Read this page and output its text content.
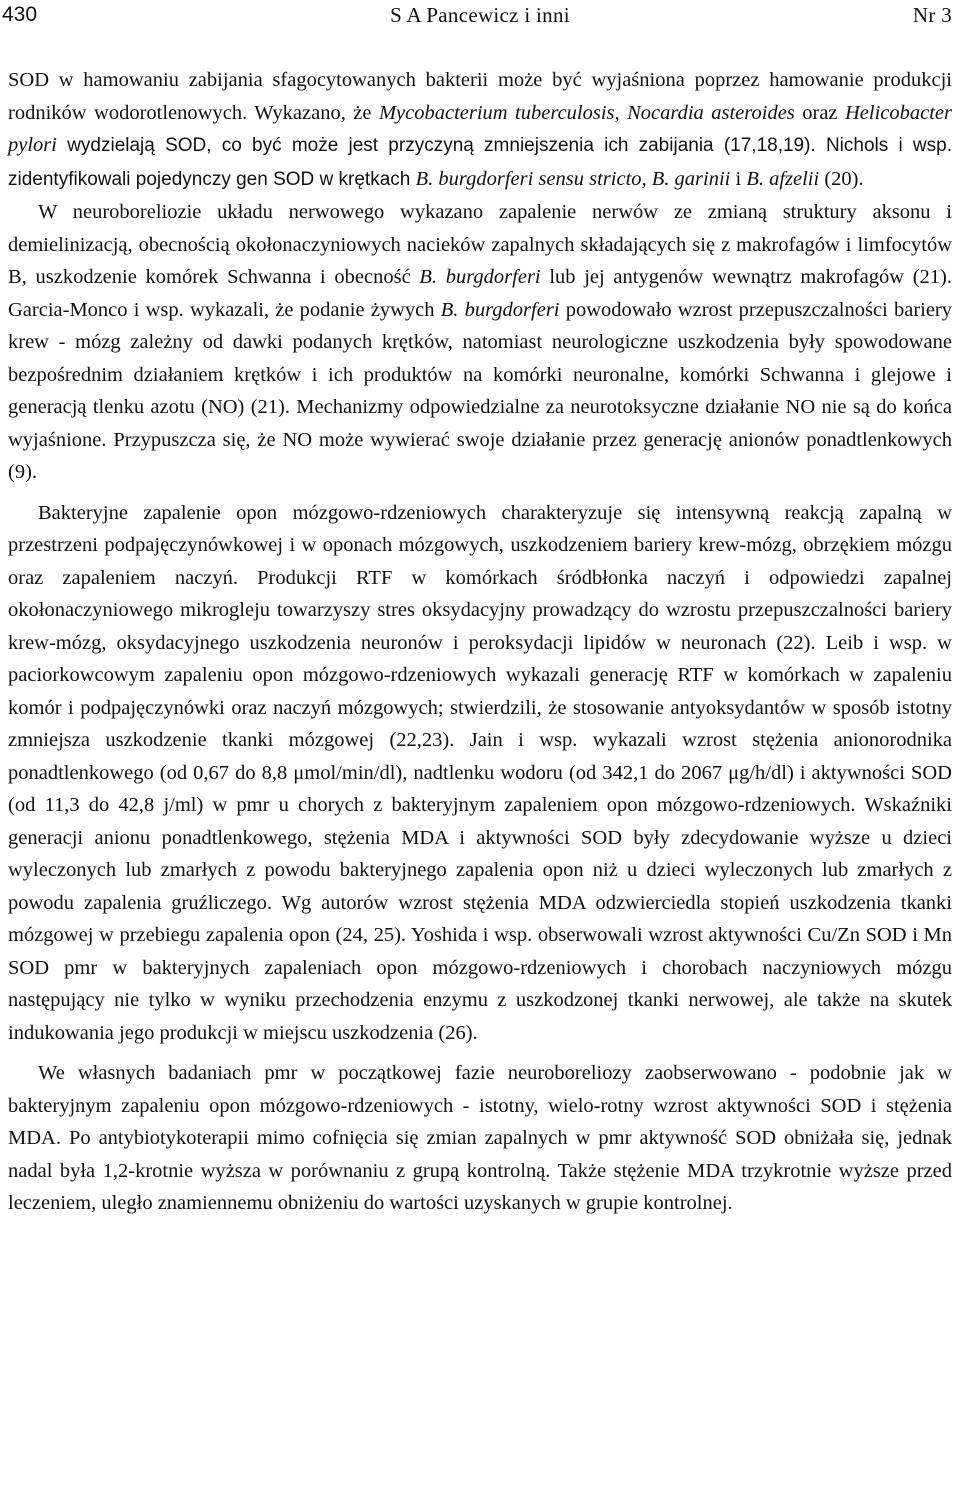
430	S A Pancewicz i inni	Nr 3

SOD w hamowaniu zabijania sfagocytowanych bakterii może być wyjaśniona poprzez hamowanie produkcji rodników wodorotlenowych. Wykazano, że Mycobacterium tuberculosis, Nocardia asteroides oraz Helicobacter pylori wydzielają SOD, co być może jest przyczyną zmniejszenia ich zabijania (17,18,19). Nichols i wsp. zidentyfikowali pojedynczy gen SOD w krętkach B. burgdorferi sensu stricto, B. garinii i B. afzelii (20).

W neuroboreliozie układu nerwowego wykazano zapalenie nerwów ze zmianą struktury aksonu i demielinizacją, obecnością okołonaczyniowych nacieków zapalnych składających się z makrofagów i limfocytów B, uszkodzenie komórek Schwanna i obecność B. burgdorferi lub jej antygenów wewnątrz makrofagów (21). Garcia-Monco i wsp. wykazali, że podanie żywych B. burgdorferi powodowało wzrost przepuszczalności bariery krew - mózg zależny od dawki podanych krętków, natomiast neurologiczne uszkodzenia były spowodowane bezpośrednim działaniem krętków i ich produktów na komórki neuronalne, komórki Schwanna i glejowe i generacją tlenku azotu (NO) (21). Mechanizmy odpowiedzialne za neurotoksyczne działanie NO nie są do końca wyjaśnione. Przypuszcza się, że NO może wywierać swoje działanie przez generację anionów ponadtlenkowych (9).

Bakteryjne zapalenie opon mózgowo-rdzeniowych charakteryzuje się intensywną reakcją zapalną w przestrzeni podpajęczynówkowej i w oponach mózgowych, uszkodzeniem bariery krew-mózg, obrzękiem mózgu oraz zapaleniem naczyń. Produkcji RTF w komórkach śródbłonka naczyń i odpowiedzi zapalnej okołonaczyniowego mikrogleju towarzyszy stres oksydacyjny prowadzący do wzrostu przepuszczalności bariery krew-mózg, oksydacyjnego uszkodzenia neuronów i peroksydacji lipidów w neuronach (22). Leib i wsp. w paciorkowcowym zapaleniu opon mózgowo-rdzeniowych wykazali generację RTF w komórkach w zapaleniu komór i podpajęczynówki oraz naczyń mózgowych; stwierdzili, że stosowanie antyoksydantów w sposób istotny zmniejsza uszkodzenie tkanki mózgowej (22,23). Jain i wsp. wykazali wzrost stężenia anionorodnika ponadtlenkowego (od 0,67 do 8,8 μmol/min/dl), nadtlenku wodoru (od 342,1 do 2067 μg/h/dl) i aktywności SOD (od 11,3 do 42,8 j/ml) w pmr u chorych z bakteryjnym zapaleniem opon mózgowo-rdzeniowych. Wskaźniki generacji anionu ponadtlenkowego, stężenia MDA i aktywności SOD były zdecydowanie wyższe u dzieci wyleczonych lub zmarłych z powodu bakteryjnego zapalenia opon niż u dzieci wyleczonych lub zmarłych z powodu zapalenia gruźliczego. Wg autorów wzrost stężenia MDA odzwierciedla stopień uszkodzenia tkanki mózgowej w przebiegu zapalenia opon (24, 25). Yoshida i wsp. obserwowali wzrost aktywności Cu/Zn SOD i Mn SOD pmr w bakteryjnych zapaleniach opon mózgowo-rdzeniowych i chorobach naczyniowych mózgu następujący nie tylko w wyniku przechodzenia enzymu z uszkodzonej tkanki nerwowej, ale także na skutek indukowania jego produkcji w miejscu uszkodzenia (26).

We własnych badaniach pmr w początkowej fazie neuroboreliozy zaobserwowano - podobnie jak w bakteryjnym zapaleniu opon mózgowo-rdzeniowych - istotny, wielo-rotny wzrost aktywności SOD i stężenia MDA. Po antybiotykoterapii mimo cofnięcia się zmian zapalnych w pmr aktywność SOD obniżała się, jednak nadal była 1,2-krotnie wyższa w porównaniu z grupą kontrolną. Także stężenie MDA trzykrotnie wyższe przed leczeniem, uległo znamiennemu obniżeniu do wartości uzyskanych w grupie kontrolnej.
